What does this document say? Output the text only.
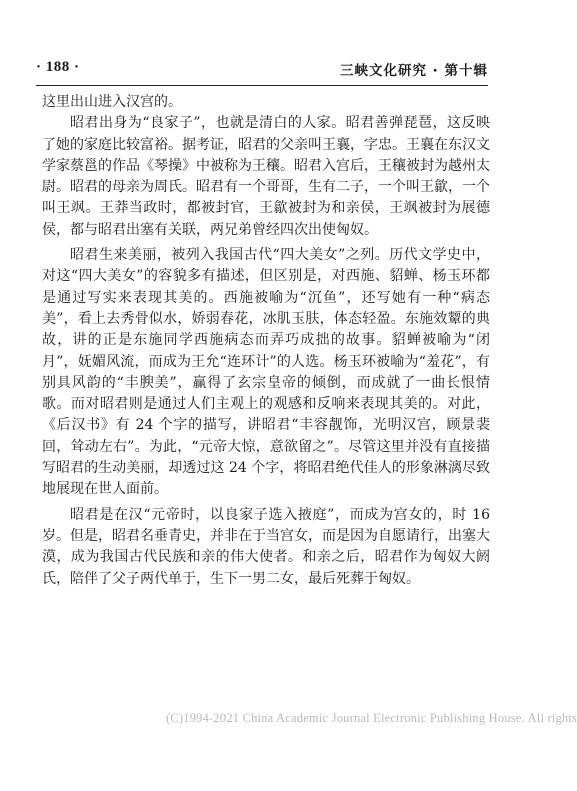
· 188 ·	三峡文化研究 · 第十辑

这里出山进入汉宫的。

昭君出身为“良家子”，也就是清白的人家。昭君善弹琵琶，这反映了她的家庭比较富裕。据考证，昭君的父亲叫王襄，字忠。王襄在东汉文学家蔡邕的作品《琴操》中被称为王穰。昭君入宫后，王穰被封为越州太尉。昭君的母亲为周氏。昭君有一个哥哥，生有二子，一个叫王歙，一个叫王飒。王莽当政时，都被封官，王歙被封为和亲侯，王飒被封为展德侯，都与昭君出塞有关联，两兄弟曾经四次出使匈奴。

昭君生来美丽，被列入我国古代“四大美女”之列。历代文学史中，对这“四大美女”的容貌多有描述，但区别是，对西施、貂蝉、杨玉环都是通过写实来表现其美的。西施被喻为“沉鱼”，还写她有一种“病态美”，看上去秀骨似水，娇弱春花，冰肌玉肤，体态轻盈。东施效颦的典故，讲的正是东施同学西施病态而弄巧成拙的故事。貂蝉被喻为“闭月”，妩媚风流，而成为王允“连环计”的人选。杨玉环被喻为“羞花”，有别具风韵的“丰腴美”，赢得了玄宗皇帝的倾倒，而成就了一曲长恨情歌。而对昭君则是通过人们主观上的观感和反响来表现其美的。对此，《后汉书》有 24 个字的描写，讲昭君“丰容靓饰，光明汉宫，顾景裴回，耸动左右”。为此，“元帝大惊，意欲留之”。尽管这里并没有直接描写昭君的生动美丽，却透过这 24 个字，将昭君绝代佳人的形象淋漓尽致地展现在世人面前。

昭君是在汉“元帝时，以良家子选入掖庭”，而成为宫女的，时 16 岁。但是，昭君名垂青史，并非在于当宫女，而是因为自愿请行，出塞大漠，成为我国古代民族和亲的伟大使者。和亲之后，昭君作为匈奴大阏氏，陪伴了父子两代单于，生下一男二女，最后死葬于匈奴。

(C)1994-2021 China Academic Journal Electronic Publishing House. All rights
